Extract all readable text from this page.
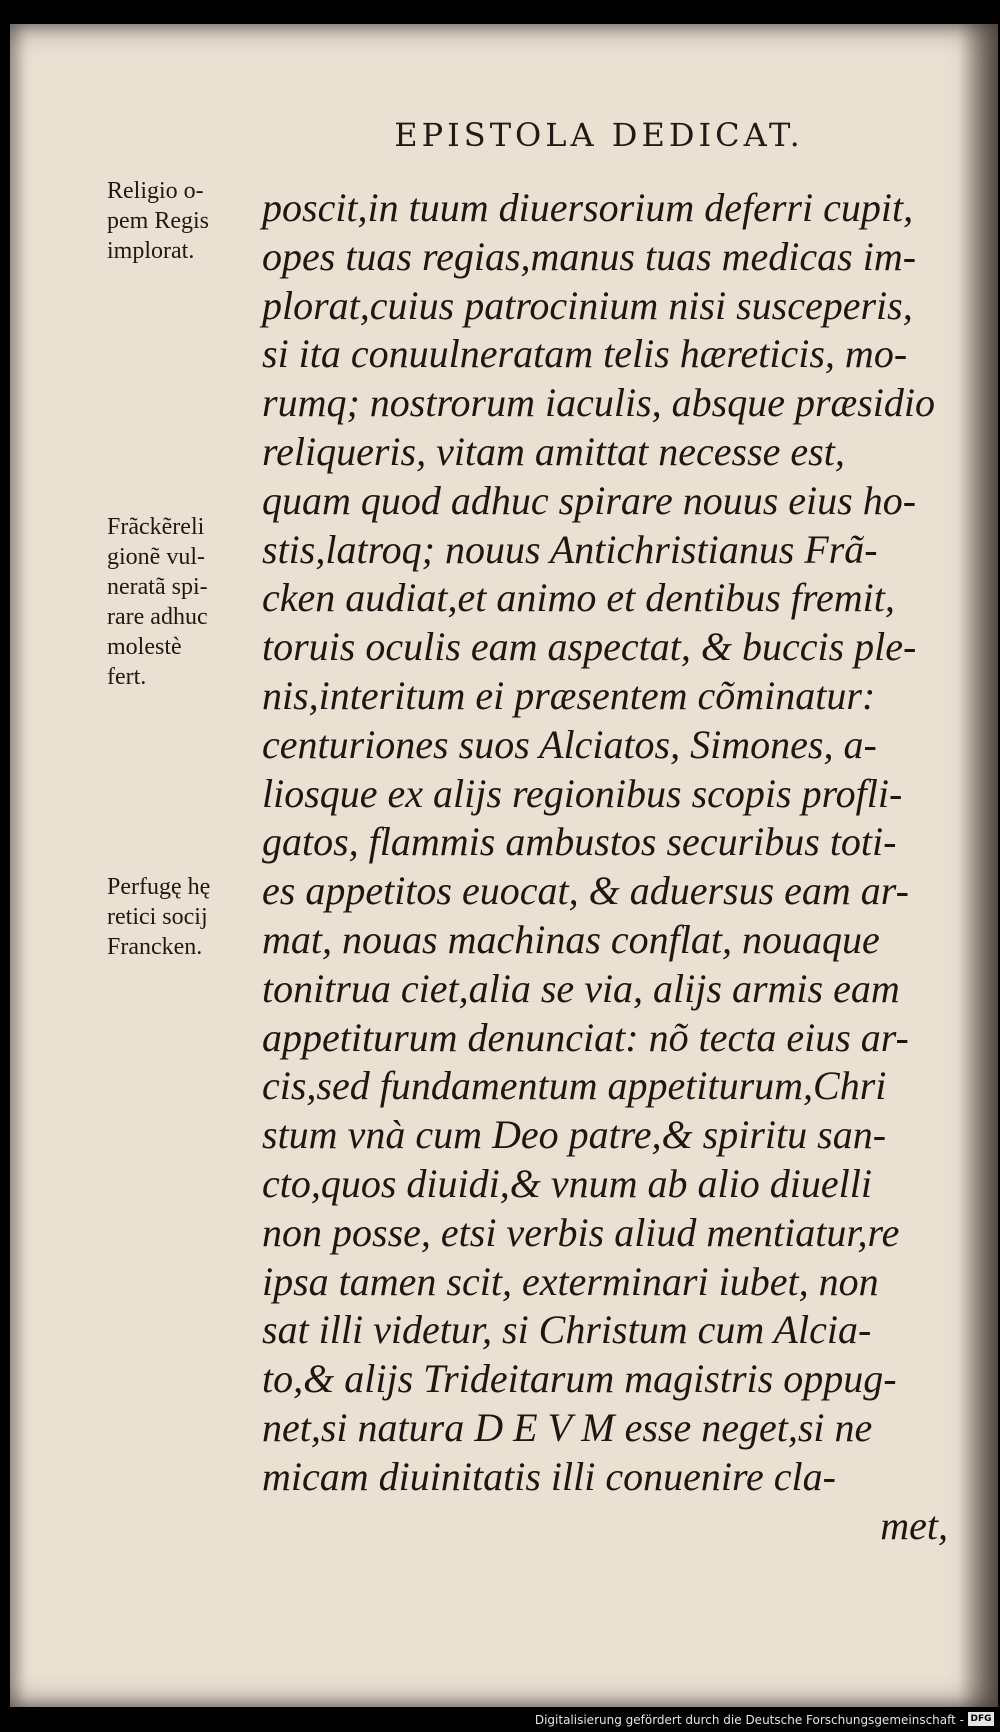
EPISTOLA DEDICAT.
Religio o-
pem Regis
implorat.
Frãckẽreli
gionẽ vul-
neratã spi-
rare adhuc
molestè
fert.
Perfugę hę
retici socij
Francken.
poscit,in tuum diuersorium deferri cupit,
opes tuas regias,manus tuas medicas im-
plorat,cuius patrocinium nisi susceperis,
si ita conuulneratam telis hæreticis, mo-
rumq; nostrorum iaculis, absque præsidio
reliqueris, vitam amittat necesse est,
quam quod adhuc spirare nouus eius ho-
stis,latroq; nouus Antichristianus Frã-
cken audiat,et animo et dentibus fremit,
toruis oculis eam aspectat, & buccis ple-
nis,interitum ei præsentem cõminatur:
centuriones suos Alciatos, Simones, a-
liosque ex alijs regionibus scopis profli-
gatos, flammis ambustos securibus toti-
es appetitos euocat, & aduersus eam ar-
mat, nouas machinas conflat, nouaque
tonitrua ciet,alia se via, alijs armis eam
appetiturum denunciat: nõ tecta eius ar-
cis,sed fundamentum appetiturum,Chri
stum vnà cum Deo patre,& spiritu san-
cto,quos diuidi,& vnum ab alio diuelli
non posse, etsi verbis aliud mentiatur,re
ipsa tamen scit, exterminari iubet, non
sat illi videtur, si Christum cum Alcia-
to,& alijs Trideitarum magistris oppug-
net,si natura D E V M esse neget,si ne
micam diuinitatis illi conuenire cla-
met,
Digitalisierung gefördert durch die Deutsche Forschungsgemeinschaft - DFG
